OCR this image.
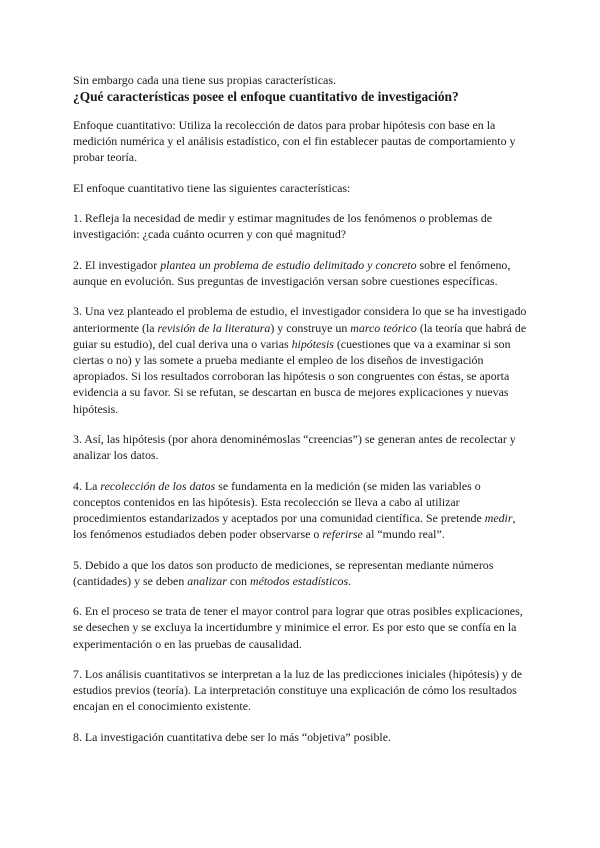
Sin embargo cada una tiene sus propias características.

¿Qué características posee el enfoque cuantitativo de investigación?

Enfoque cuantitativo: Utiliza la recolección de datos para probar hipótesis con base en la medición numérica y el análisis estadístico, con el fin establecer pautas de comportamiento y probar teoría.

El enfoque cuantitativo tiene las siguientes características:

1. Refleja la necesidad de medir y estimar magnitudes de los fenómenos o problemas de investigación: ¿cada cuánto ocurren y con qué magnitud?

2. El investigador plantea un problema de estudio delimitado y concreto sobre el fenómeno, aunque en evolución. Sus preguntas de investigación versan sobre cuestiones específicas.

3. Una vez planteado el problema de estudio, el investigador considera lo que se ha investigado anteriormente (la revisión de la literatura) y construye un marco teórico (la teoría que habrá de guiar su estudio), del cual deriva una o varias hipótesis (cuestiones que va a examinar si son ciertas o no) y las somete a prueba mediante el empleo de los diseños de investigación apropiados. Si los resultados corroboran las hipótesis o son congruentes con éstas, se aporta evidencia a su favor. Si se refutan, se descartan en busca de mejores explicaciones y nuevas hipótesis.

3. Así, las hipótesis (por ahora denominémoslas “creencias”) se generan antes de recolectar y analizar los datos.

4. La recolección de los datos se fundamenta en la medición (se miden las variables o conceptos contenidos en las hipótesis). Esta recolección se lleva a cabo al utilizar procedimientos estandarizados y aceptados por una comunidad científica. Se pretende medir, los fenómenos estudiados deben poder observarse o referirse al “mundo real”.

5. Debido a que los datos son producto de mediciones, se representan mediante números (cantidades) y se deben analizar con métodos estadísticos.

6. En el proceso se trata de tener el mayor control para lograr que otras posibles explicaciones, se desechen y se excluya la incertidumbre y minimice el error. Es por esto que se confía en la experimentación o en las pruebas de causalidad.

7. Los análisis cuantitativos se interpretan a la luz de las predicciones iniciales (hipótesis) y de estudios previos (teoría). La interpretación constituye una explicación de cómo los resultados encajan en el conocimiento existente.

8. La investigación cuantitativa debe ser lo más “objetiva” posible.
